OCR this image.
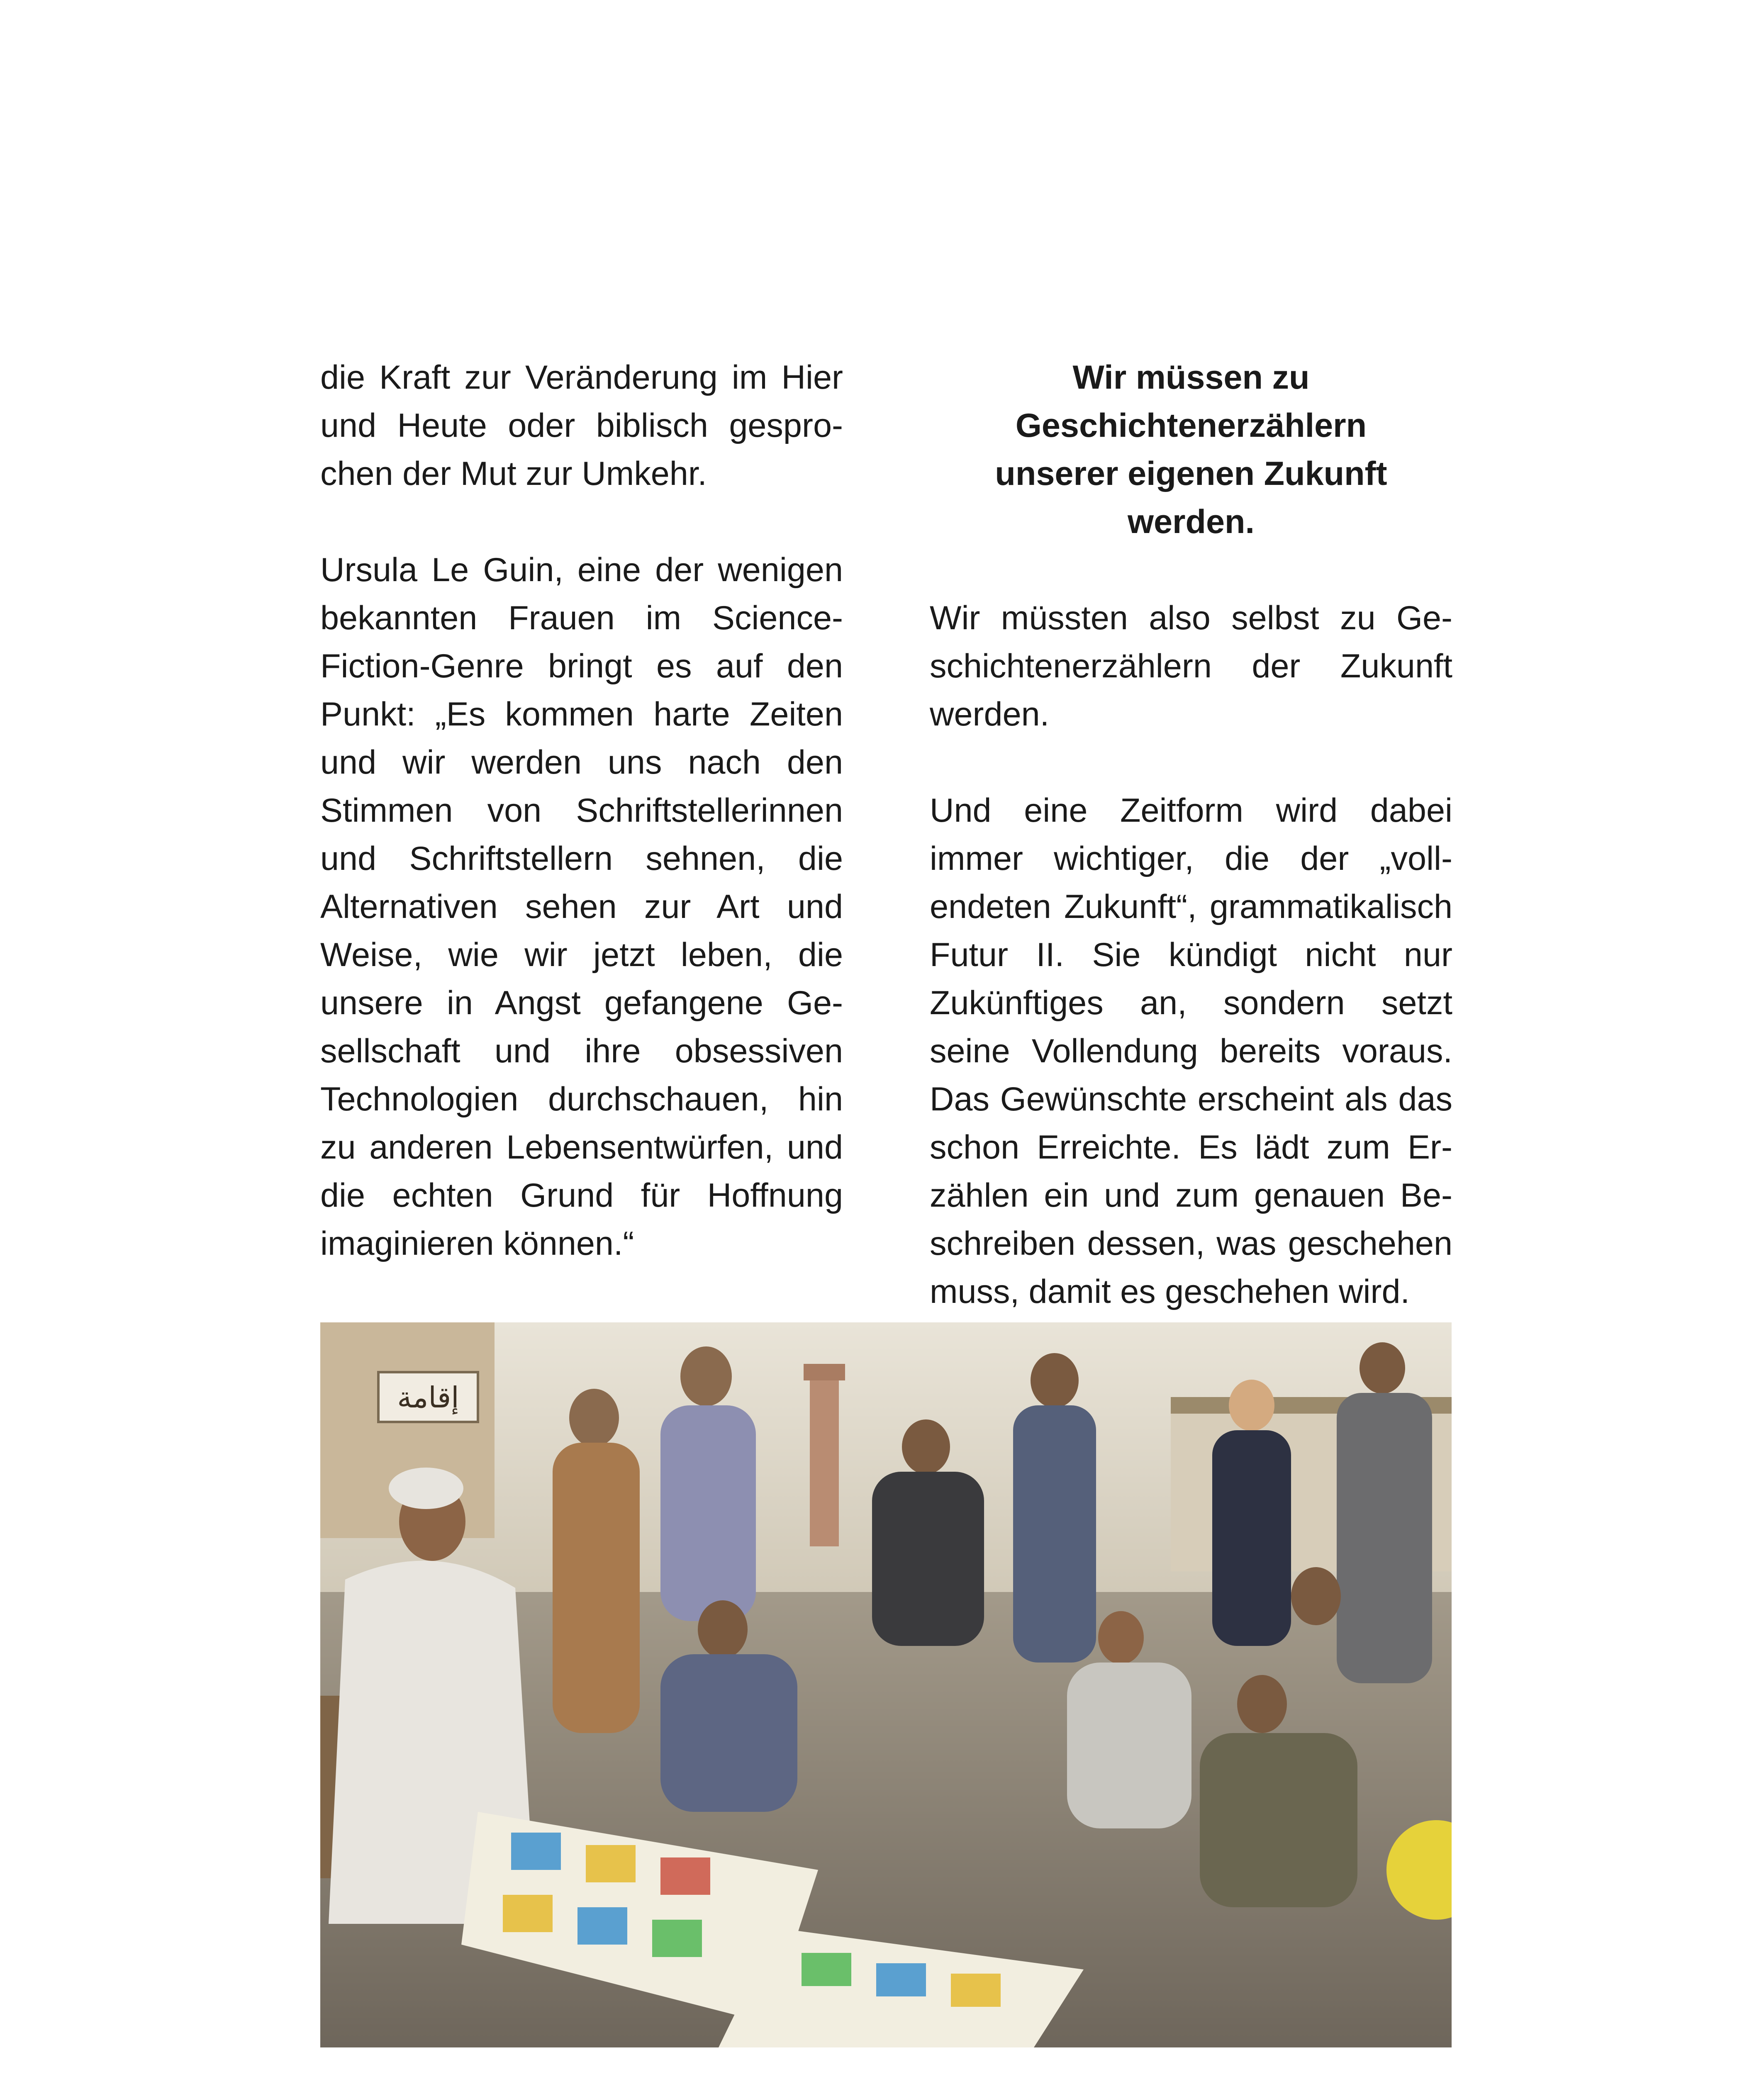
die Kraft zur Veränderung im Hier und Heute oder biblisch gesprochen der Mut zur Umkehr.

Ursula Le Guin, eine der wenigen bekannten Frauen im Science-Fiction-Genre bringt es auf den Punkt: „Es kommen harte Zeiten und wir werden uns nach den Stimmen von Schriftstellerinnen und Schriftstellern sehnen, die Alternativen sehen zur Art und Weise, wie wir jetzt leben, die unsere in Angst gefangene Gesellschaft und ihre obsessiven Technologien durchschauen, hin zu anderen Lebensentwürfen, und die echten Grund für Hoffnung imaginieren können.“

Wir müssen zu
Geschichtenerzählern
unserer eigenen Zukunft werden.

Wir müssten also selbst zu Geschichtenerzählern der Zukunft werden.

Und eine Zeitform wird dabei immer wichtiger, die der „vollendeten Zukunft“, grammatikalisch Futur II. Sie kündigt nicht nur Zukünftiges an, sondern setzt seine Vollendung bereits voraus. Das Gewünschte erscheint als das schon Erreichte. Es lädt zum Erzählen ein und zum genauen Beschreiben dessen, was geschehen muss, damit es geschehen wird.

إقامة
